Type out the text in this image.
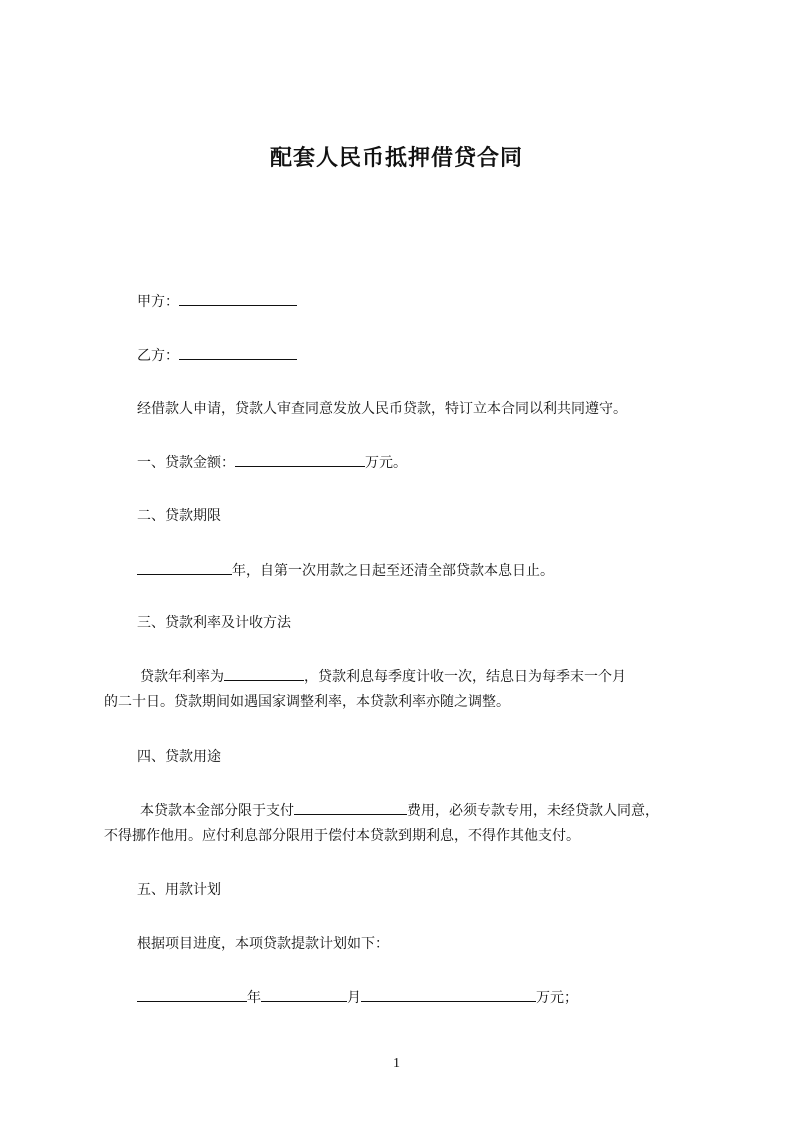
配套人民币抵押借贷合同
甲方：
乙方：
经借款人申请，贷款人审查同意发放人民币贷款，特订立本合同以利共同遵守。
一、贷款金额：	万元。
二、贷款期限
年，自第一次用款之日起至还清全部贷款本息日止。
三、贷款利率及计收方法
贷款年利率为	，贷款利息每季度计收一次，结息日为每季末一个月
的二十日。贷款期间如遇国家调整利率，本贷款利率亦随之调整。
四、贷款用途
本贷款本金部分限于支付	费用，必须专款专用，未经贷款人同意，
不得挪作他用。应付利息部分限用于偿付本贷款到期利息，不得作其他支付。
五、用款计划
根据项目进度，本项贷款提款计划如下：
年	月	万元；
1
